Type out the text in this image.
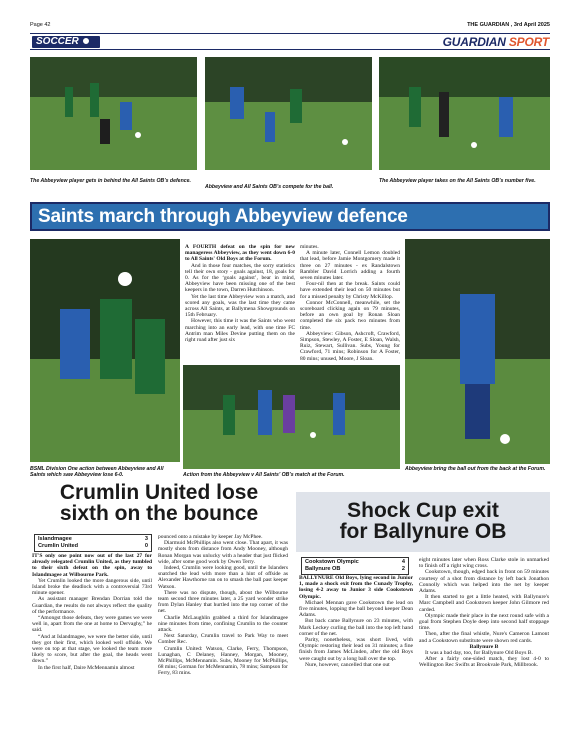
Page 42	THE GUARDIAN , 3rd April 2025
SOCCER	GUARDIAN SPORT
The Abbeyview player gets in behind the All Saints OB’s defence.
Abbeyview and All Saints OB’s compete for the ball.
The Abbeyview player takes on the All Saints OB’s number five.
Saints march through Abbeyview defence

A FOURTH defeat on the spin for new manageress Abbeyview, as they went down 6-0 to All Saints' Old Boys at the Forum.

And in those four matches, the sorry statistics tell their own story - goals against, 18, goals for 0. As for the ‘goals against’, bear in mind, Abbeyview have been missing one of the best keepers in the town, Darren Hutchinson.

Yet the last time Abbeyview won a match, and scored any goals, was the last time they came across All Saints, at Ballymena Showgrounds on 15th February.

However, this time it was the Saints who went marching into an early lead, with one time FC Antrim man Miles Devine putting them on the right road after just six

minutes.

A minute later, Connell Lemon doubled that lead, before Jamie Montgomery made it three on 27 minutes - ex Randalstown Rambler David Lorrich adding a fourth seven minutes later.

Four-nil then at the break. Saints could have extended their lead on 50 minutes but for a missed penalty by Christy McKillop.

Connor McConnell, meanwhile, set the scoreboard clicking again on 79 minutes, before an own goal by Ronan Sloan completed the six pack two minutes from time.

Abbeyview: Gibson, Ashcroft, Crawford, Simpson, Stewley, A Foster, E Sloan, Walsh, Ruiz, Stewart, Sullivan. Subs, Young for Crawford, 71 mins; Robinson for A Foster, 80 mins; unused, Moore, J Sloan.

BSML Division One action between Abbeyview and All Saints which saw Abbeyview lose 6-0.	Action from the Abbeyview v All Saints’ OB’s match at the Forum.
Abbeyview bring the ball out from the back at the Forum.
Crumlin United lose
sixth on the bounce
Islandmagee	3
Crumlin United	0

IT'S only one point now out of the last 27 for already relegated Crumlin United, as they tumbled to their sixth defeat on the spin, away to Islandmagee at Wilbourne Park.

Yet Crumlin looked the more dangerous side, until Island broke the deadlock with a controversial 73rd minute opener.

As assistant manager Brendan Dorrian told the Guardian, the results do not always reflect the quality of the performance.

“Amongst those defeats, they were games we were well in, apart from the one at home to Dervaghy,” he said.

“And at Islandmagee, we were the better side, until they got their first, which looked well offside. We were on top at that stage, we looked the team more likely to score, but after the goal, the heads went down.”

In the first half, Daire McMennamin almost

pounced onto a mistake by keeper Jay McPhee.

Diarmuid McPhillips also went close. That apart, it was mostly shots from distance from Andy Mooney, although Ronan Morgan was unlucky with a header that just flicked wide, after some good work by Owen Terry.

Indeed, Crumlin were looking good, until the Islanders snatched the lead with more than a hint of offside as Alexander Hawthorne ran on to smash the ball past keeper Watson.

There was no dispute, though, about the Wilbourne team second three minutes later, a 25 yard wonder strike from Dylan Hanley that hurtled into the top corner of the net.

Charlie McLaughlin grabbed a third for Islandmagee nine minutes from time, confining Crumlin to the counter attack.

Next Saturday, Crumlin travel to Park Way to meet Comber Rec.

Crumlin United: Watson, Clarke, Ferry, Thompson, Lunaghan, C Delaney, Hanney, Morgan, Mooney, McPhillips, McMennamin. Subs, Mooney for McPhillips, 68 mins; Gorman for McMennamin, 78 mins; Sampson for Ferry, 83 mins.

Shock Cup exit
for Ballynure OB
Cookstown Olympic	4
Ballynure OB	2

BALLYNURE Old Boys, lying second in Junior 1, made a shock exit from the Cunady Trophy, losing 4-2 away to Junior 3 side Cookstown Olympic.

Michael Mennan gave Cookstown the lead on five minutes, lopping the ball beyond keeper Dean Adams.

But back came Ballynure on 23 minutes, with Mark Leckey curling the ball into the top left hand corner of the net.

Parity, nonetheless, was short lived, with Olympic restoring their lead on 31 minutes; a fine finish from James McLinden, after the old Boys were caught out by a long ball over the top.

Nure, however, cancelled that one out

eight minutes later when Ross Clarke stole in unmarked to finish off a right wing cross.

Cookstown, though, edged back in front on 59 minutes courtesy of a shot from distance by left back Jonathon Connolly which was helped into the net by keeper Adams.

It then started to get a little heated, with Ballynure's Marc Campbell and Cookstown keeper John Gilmore red carded.

Olympic made their place in the next round safe with a goal from Stephen Doyle deep into second half stoppage time.

Then, after the final whistle, Nure's Cameron Lamont and a Cookstown substitute were shown red cards.

Ballynure B

It was a bad day, too, for Ballynure Old Boys B.

After a fairly one-sided match, they lost 4-0 to Wellington Rec Swifts at Brookvale Park, Millbrook.
